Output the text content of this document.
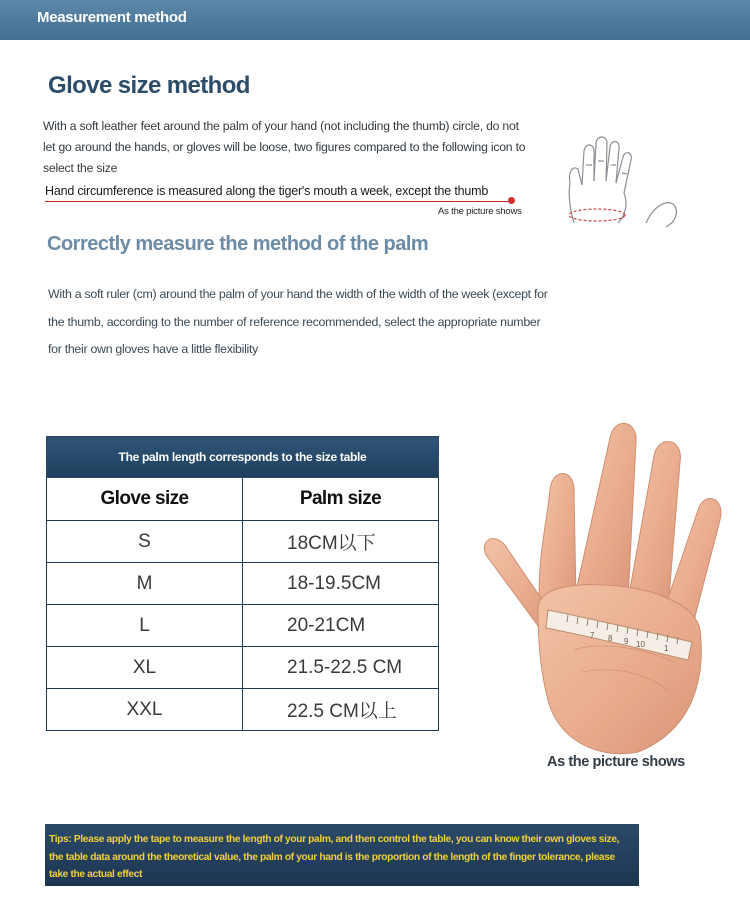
Measurement method
Glove size method

With a soft leather feet around the palm of your hand (not including the thumb) circle, do not let go around the hands, or gloves will be loose, two figures compared to the following icon to select the size

Hand circumference is measured along the tiger's mouth a week, except the thumb

As the picture shows
Correctly measure the method of the palm

With a soft ruler (cm) around the palm of your hand the width of the width of the week (except for the thumb, according to the number of reference recommended, select the appropriate number for their own gloves have a little flexibility

The palm length corresponds to the size table	
Glove size	Palm size
S	18CM以下
M	18-19.5CM
L	20-21CM
XL	21.5-22.5 CM
XXL	22.5 CM以上
7 8 9 10 1
As the picture shows

Tips: Please apply the tape to measure the length of your palm, and then control the table, you can know their own gloves size, the table data around the theoretical value, the palm of your hand is the proportion of the length of the finger tolerance, please take the actual effect
